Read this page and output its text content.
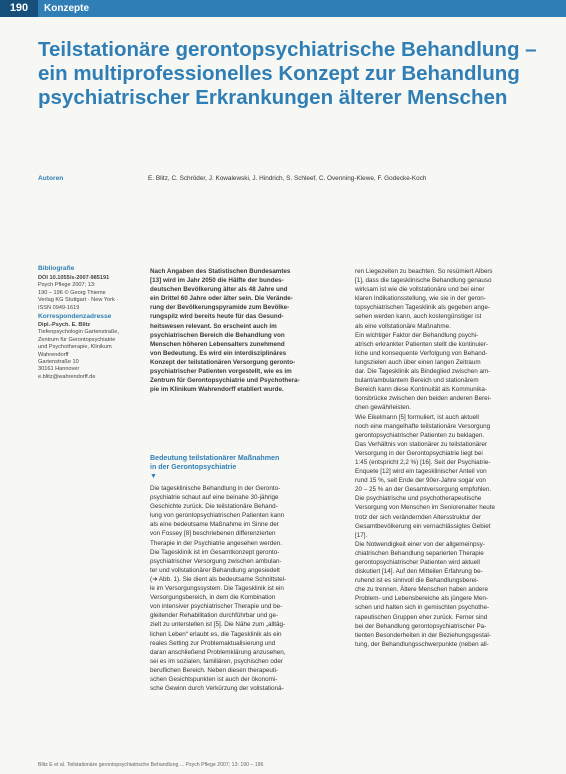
190	Konzepte
Teilstationäre gerontopsychiatrische Behandlung –
ein multiprofessionelles Konzept zur Behandlung
psychiatrischer Erkrankungen älterer Menschen
Autoren	E. Blitz, C. Schröder, J. Kowalewski, J. Hindrich, S. Schleef, C. Ovenning-Klewe, F. Godecke-Koch
Bibliografie
DOI 10.1055/s-2007-985191
Psych Pflege 2007; 13:
190 – 196 © Georg Thieme
Verlag KG Stuttgart · New York ·
ISSN 0949-1619
Korrespondenzadresse
Dipl.-Psych. E. Blitz
Tiefenpsychologin Gartenstraße,
Zentrum für Gerontopsychiatrie
und Psychotherapie, Klinikum
Wahrendorff
Gartenstraße 10
30161 Hannover
e.blitz@wahrendorff.de
Nach Angaben des Statistischen Bundesamtes
[13] wird im Jahr 2050 die Hälfte der bundes-
deutschen Bevölkerung älter als 48 Jahre und
ein Drittel 60 Jahre oder älter sein. Die Verände-
rung der Bevölkerungspyramide zum Bevölke-
rungspilz wird bereits heute für das Gesund-
heitswesen relevant. So erscheint auch im
psychiatrischen Bereich die Behandlung von
Menschen höheren Lebensalters zunehmend
von Bedeutung. Es wird ein interdisziplinäres
Konzept der teilstationären Versorgung geronto-
psychiatrischer Patienten vorgestellt, wie es im
Zentrum für Gerontopsychiatrie und Psychothera-
pie im Klinikum Wahrendorff etabliert wurde.
Bedeutung teilstationärer Maßnahmen
in der Gerontopsychiatrie
▼
Die tagesklinische Behandlung in der Geronto-
psychiatrie schaut auf eine beinahe 30-jährige
Geschichte zurück. Die teilstationäre Behand-
lung von gerontopsychiatrischen Patienten kann
als eine bedeutsame Maßnahme im Sinne der
von Fossey [8] beschriebenen differenzierten
Therapie in der Psychiatrie angesehen werden.
Die Tagesklinik ist im Gesamtkonzept geronto-
psychiatrischer Versorgung zwischen ambulan-
ter und vollstationärer Behandlung angesiedelt
(➜ Abb. 1). Sie dient als bedeutsame Schnittstel-
le im Versorgungssystem. Die Tagesklinik ist ein
Versorgungsbereich, in dem die Kombination
von intensiver psychiatrischer Therapie und be-
gleitender Rehabilitation durchführbar und ge-
zielt zu unterstellen ist [5]. Die Nähe zum „alltäg-
lichen Leben“ erlaubt es, die Tagesklinik als ein
reales Setting zur Problemaktualisierung und
daran anschließend Problemklärung anzusehen,
sei es im sozialen, familiären, psychischen oder
beruflichen Bereich. Neben diesen therapeuti-
schen Gesichtspunkten ist auch der ökonomi-
sche Gewinn durch Verkürzung der vollstationä-
ren Liegezeiten zu beachten. So resümiert Albers
[1], dass die tagesklinische Behandlung genauso
wirksam ist wie die vollstationäre und bei einer
klaren Indikationsstellung, wie sie in der geron-
topsychiatrischen Tagesklinik als gegeben ange-
sehen werden kann, auch kostengünstiger ist
als eine vollstationäre Maßnahme.
Ein wichtiger Faktor der Behandlung psychi-
atrisch erkrankter Patienten stellt die kontinuier-
liche und konsequente Verfolgung von Behand-
lungszielen auch über einen langen Zeitraum
dar. Die Tagesklinik als Bindeglied zwischen am-
bulant/ambulantem Bereich und stationärem
Bereich kann diese Kontinuität als Kommunika-
tionsbrücke zwischen den beiden anderen Berei-
chen gewährleisten.
Wie Eikelmann [5] formuliert, ist auch aktuell
noch eine mangelhafte teilstationäre Versorgung
gerontopsychiatrischer Patienten zu beklagen.
Das Verhältnis von stationärer zu teilstationärer
Versorgung in der Gerontopsychiatrie liegt bei
1:45 (entspricht 2,2 %) [16]. Seit der Psychiatrie-
Enquete [12] wird ein tagesklinischer Anteil von
rund 15 %, seit Ende der 90er-Jahre sogar von
20 – 25 % an der Gesamtversorgung empfohlen.
Die psychiatrische und psychotherapeutische
Versorgung von Menschen im Seniorenalter heute
trotz der sich verändernden Altersstruktur der
Gesamtbevölkerung ein vernachlässigtes Gebiet
[17].
Die Notwendigkeit einer von der allgemeinpsy-
chiatrischen Behandlung separierten Therapie
gerontopsychiatrischer Patienten wird aktuell
diskutiert [14]. Auf den Mitteilen Erfahrung be-
ruhend ist es sinnvoll die Behandlungsberei-
che zu trennen. Ältere Menschen haben andere
Problem- und Lebensbereiche als jüngere Men-
schen und halten sich in gemischten psychothe-
rapeutischen Gruppen eher zurück. Ferner sind
bei der Behandlung gerontopsychiatrischer Pa-
tienten Besonderheiten in der Beziehungsgestal-
tung, der Behandlungsschwerpunkte (neben all-
Blitz E et al. Teilstationäre gerontopsychiatrische Behandlung ... Psych Pflege 2007; 13: 190 – 196
